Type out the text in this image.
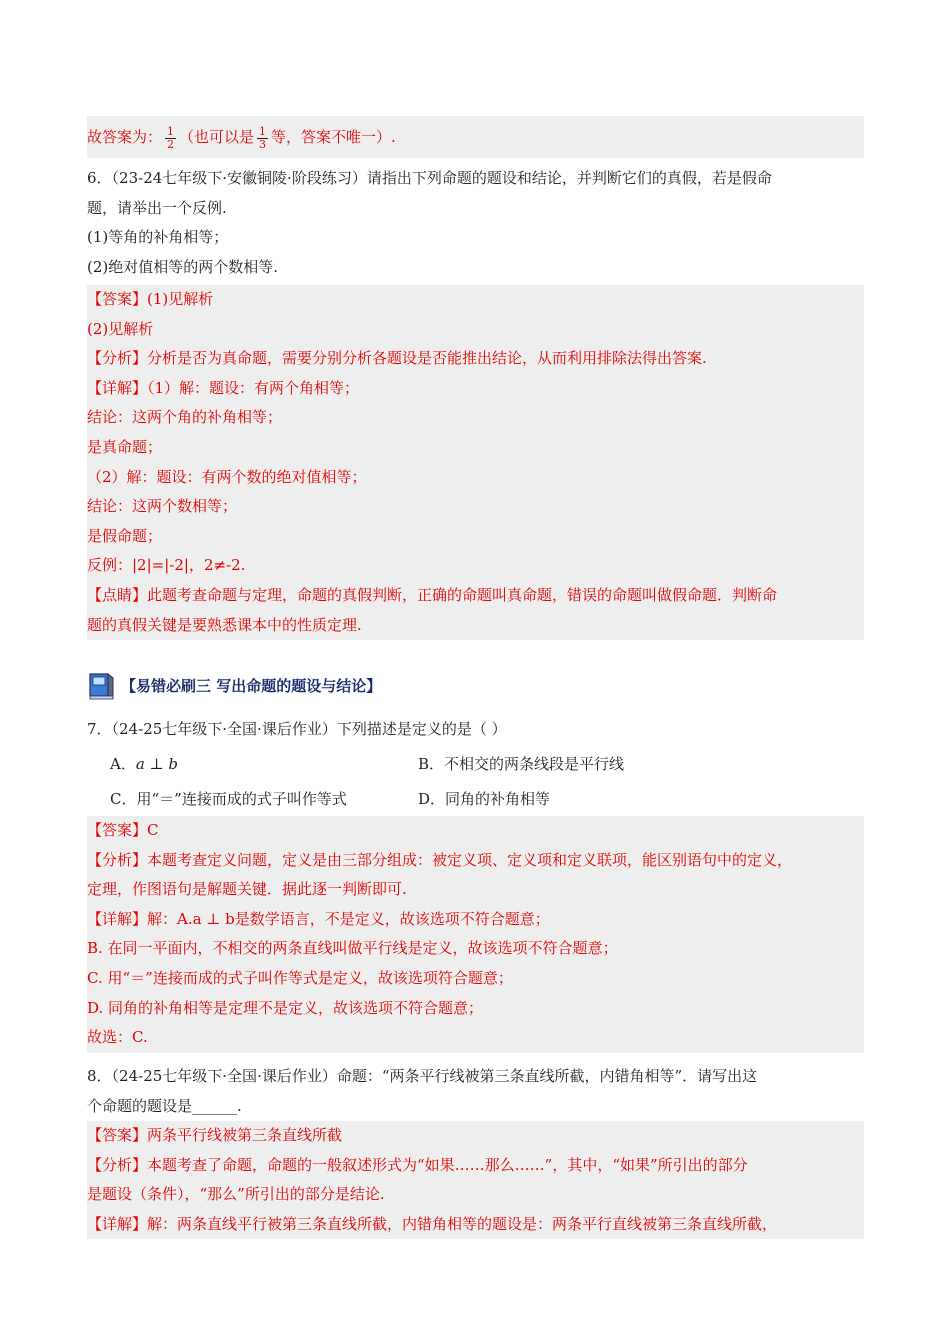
故答案为： $\frac{1}{2}$ （也可以是 $\frac{1}{3}$ 等，答案不唯一）.
6．（23-24七年级下·安徽铜陵·阶段练习）请指出下列命题的题设和结论，并判断它们的真假，若是假命
题，请举出一个反例.
(1)等角的补角相等；
(2)绝对值相等的两个数相等.
【答案】(1)见解析
(2)见解析
【分析】分析是否为真命题，需要分别分析各题设是否能推出结论，从而利用排除法得出答案.
【详解】（1）解：题设：有两个角相等；
结论：这两个角的补角相等；
是真命题；
（2）解：题设：有两个数的绝对值相等；
结论：这两个数相等；
是假命题；
反例：|2|=|-2|，2≠-2.
【点睛】此题考查命题与定理，命题的真假判断，正确的命题叫真命题，错误的命题叫做假命题．判断命
题的真假关键是要熟悉课本中的性质定理.
【易错必刷三 写出命题的题设与结论】
7．（24-25七年级下·全国·课后作业）下列描述是定义的是（ ）
A．a ⊥ b	B．不相交的两条线段是平行线
C．用“＝”连接而成的式子叫作等式	D．同角的补角相等
【答案】C
【分析】本题考查定义问题，定义是由三部分组成：被定义项、定义项和定义联项，能区别语句中的定义，
定理，作图语句是解题关键．据此逐一判断即可.
【详解】解：A.a ⊥ b是数学语言，不是定义，故该选项不符合题意；
B. 在同一平面内，不相交的两条直线叫做平行线是定义，故该选项不符合题意；
C. 用“＝”连接而成的式子叫作等式是定义，故该选项符合题意；
D. 同角的补角相等是定理不是定义，故该选项不符合题意；
故选：C.
8．（24-25七年级下·全国·课后作业）命题：“两条平行线被第三条直线所截，内错角相等”．请写出这
个命题的题设是______.
【答案】两条平行线被第三条直线所截
【分析】本题考查了命题，命题的一般叙述形式为“如果……那么……”，其中，“如果”所引出的部分
是题设（条件），“那么”所引出的部分是结论.
【详解】解：两条直线平行被第三条直线所截，内错角相等的题设是：两条平行直线被第三条直线所截，
